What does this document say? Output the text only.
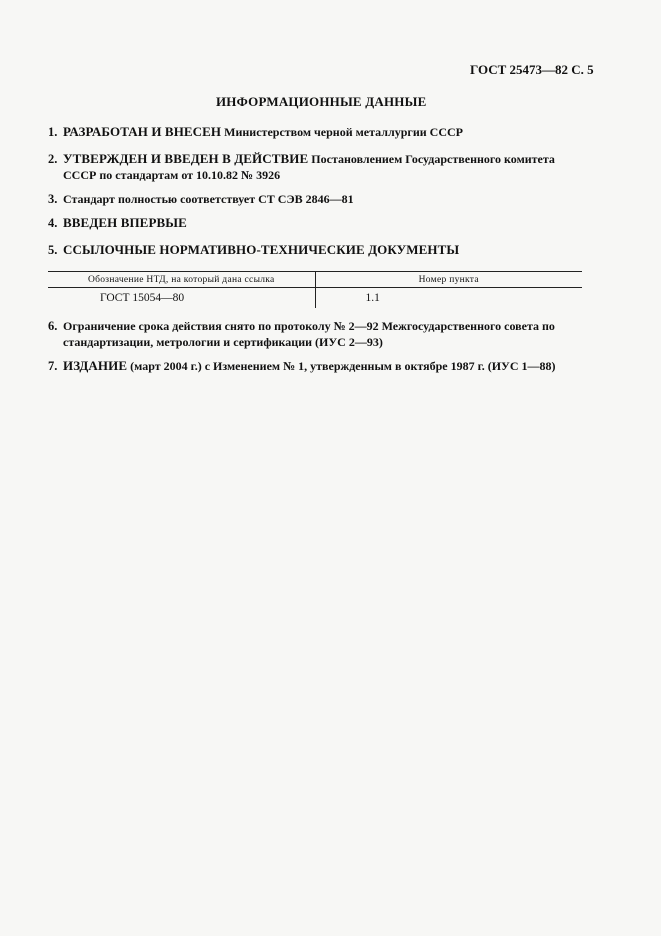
ГОСТ 25473—82 С. 5
ИНФОРМАЦИОННЫЕ ДАННЫЕ
1. РАЗРАБОТАН И ВНЕСЕН Министерством черной металлургии СССР
2. УТВЕРЖДЕН И ВВЕДЕН В ДЕЙСТВИЕ Постановлением Государственного комитета СССР по стандартам от 10.10.82 № 3926
3. Стандарт полностью соответствует СТ СЭВ 2846—81
4. ВВЕДЕН ВПЕРВЫЕ
5. ССЫЛОЧНЫЕ НОРМАТИВНО-ТЕХНИЧЕСКИЕ ДОКУМЕНТЫ
Обозначение НТД, на который дана ссылка	Номер пункта
ГОСТ 15054—80	1.1
6. Ограничение срока действия снято по протоколу № 2—92 Межгосударственного совета по стандартизации, метрологии и сертификации (ИУС 2—93)
7. ИЗДАНИЕ (март 2004 г.) с Изменением № 1, утвержденным в октябре 1987 г. (ИУС 1—88)
